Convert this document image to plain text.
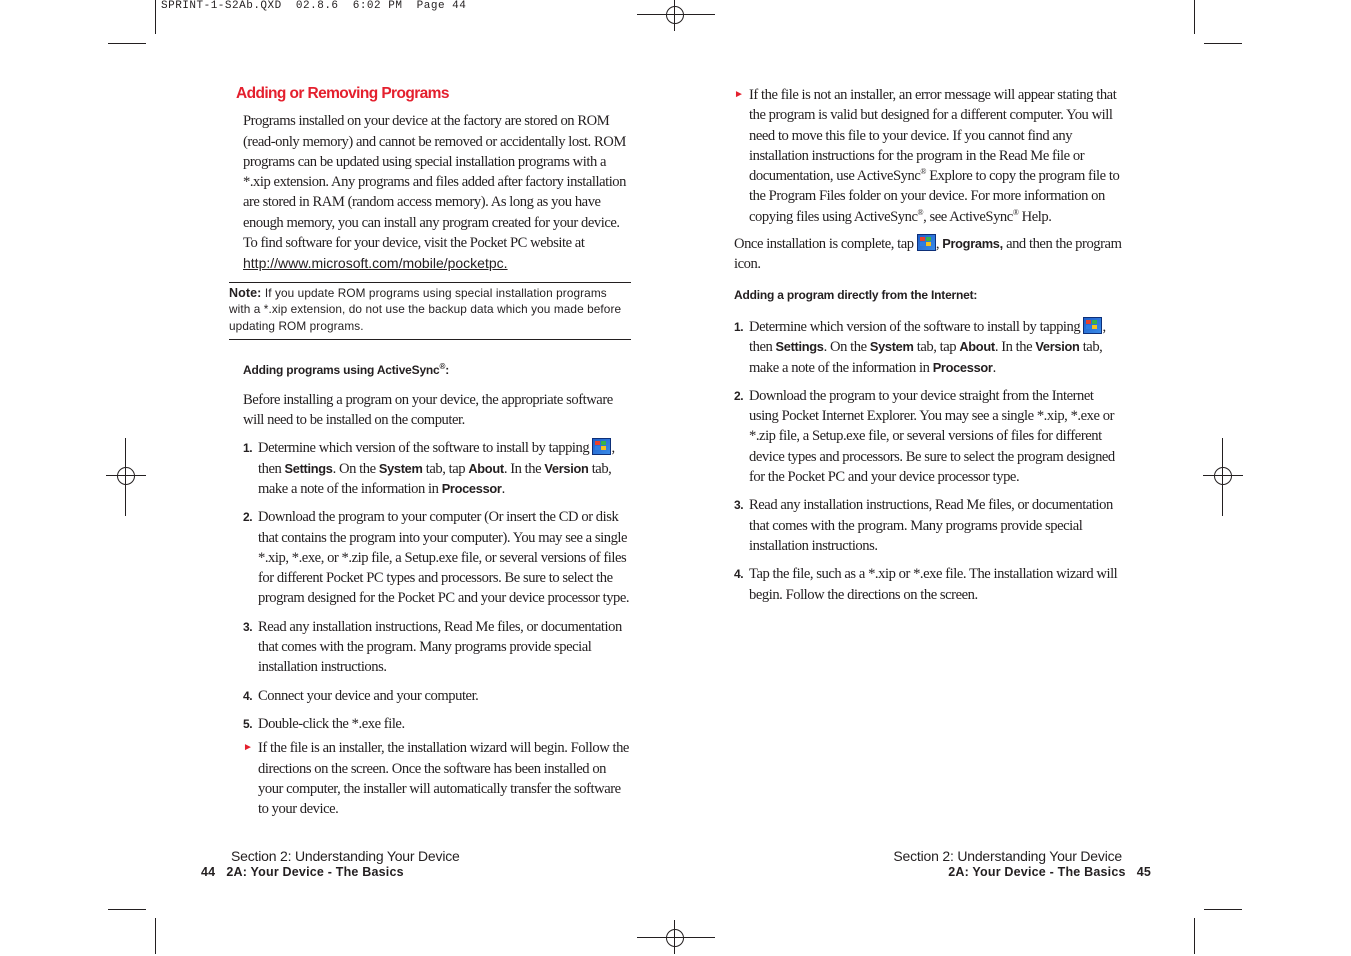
SPRINT-1-S2Ab.QXD  02.8.6  6:02 PM  Page 44

Adding or Removing Programs

Programs installed on your device at the factory are stored on ROM (read-only memory) and cannot be removed or accidentally lost. ROM programs can be updated using special installation programs with a *.xip extension. Any programs and files added after factory installation are stored in RAM (random access memory). As long as you have enough memory, you can install any program created for your device. To find software for your device, visit the Pocket PC website at

http://www.microsoft.com/mobile/pocketpc.

Note: If you update ROM programs using special installation programs with a *.xip extension, do not use the backup data which you made before updating ROM programs.

Adding programs using ActiveSync®:

Before installing a program on your device, the appropriate software will need to be installed on the computer.

1. Determine which version of the software to install by tapping , then Settings. On the System tab, tap About. In the Version tab, make a note of the information in Processor.
2. Download the program to your computer (Or insert the CD or disk that contains the program into your computer). You may see a single *.xip, *.exe, or *.zip file, a Setup.exe file, or several versions of files for different Pocket PC types and processors. Be sure to select the program designed for the Pocket PC and your device processor type.
3. Read any installation instructions, Read Me files, or documentation that comes with the program. Many programs provide special installation instructions.
4. Connect your device and your computer.
5. Double-click the *.exe file.
► If the file is an installer, the installation wizard will begin. Follow the directions on the screen. Once the software has been installed on your computer, the installer will automatically transfer the software to your device.
► If the file is not an installer, an error message will appear stating that the program is valid but designed for a different computer. You will need to move this file to your device. If you cannot find any installation instructions for the program in the Read Me file or documentation, use ActiveSync® Explore to copy the program file to the Program Files folder on your device. For more information on copying files using ActiveSync®, see ActiveSync® Help.

Once installation is complete, tap , Programs, and then the program icon.

Adding a program directly from the Internet:

1. Determine which version of the software to install by tapping , then Settings. On the System tab, tap About. In the Version tab, make a note of the information in Processor.
2. Download the program to your device straight from the Internet using Pocket Internet Explorer. You may see a single *.xip, *.exe or *.zip file, a Setup.exe file, or several versions of files for different device types and processors. Be sure to select the program designed for the Pocket PC and your device processor type.
3. Read any installation instructions, Read Me files, or documentation that comes with the program. Many programs provide special installation instructions.
4. Tap the file, such as a *.xip or *.exe file. The installation wizard will begin. Follow the directions on the screen.
Section 2: Understanding Your Device
44 2A: Your Device - The Basics
Section 2: Understanding Your Device
2A: Your Device - The Basics 45
